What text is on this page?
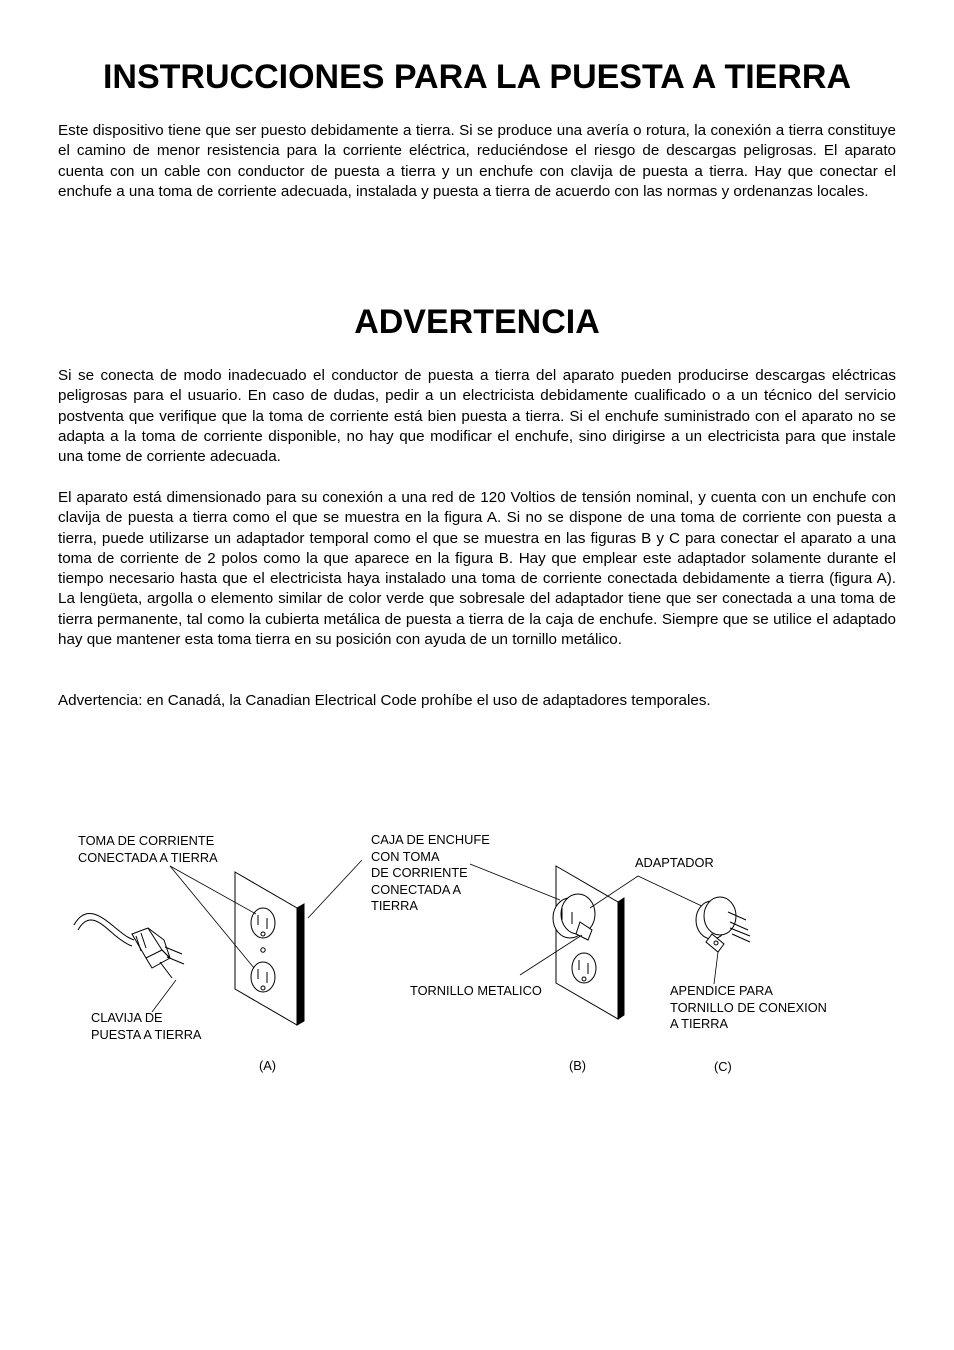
INSTRUCCIONES PARA LA PUESTA A TIERRA

Este dispositivo tiene que ser puesto debidamente a tierra. Si se produce una avería o rotura, la conexión a tierra constituye el camino de menor resistencia para la corriente eléctrica, reduciéndose el riesgo de descargas peligrosas. El aparato cuenta con un cable con conductor de puesta a tierra y un enchufe con clavija de puesta a tierra. Hay que conectar el enchufe a una toma de corriente adecuada, instalada y puesta a tierra de acuerdo con las normas y ordenanzas locales.

ADVERTENCIA

Si se conecta de modo inadecuado el conductor de puesta a tierra del aparato pueden producirse descargas eléctricas peligrosas para el usuario. En caso de dudas, pedir a un electricista debidamente cualificado o a un técnico del servicio postventa que verifique que la toma de corriente está bien puesta a tierra. Si el enchufe suministrado con el aparato no se adapta a la toma de corriente disponible, no hay que modificar el enchufe, sino dirigirse a un electricista para que instale una tome de corriente adecuada.

El aparato está dimensionado para su conexión a una red de 120 Voltios de tensión nominal, y cuenta con un enchufe con clavija de puesta a tierra como el que se muestra en la figura A. Si no se dispone de una toma de corriente con puesta a tierra, puede utilizarse un adaptador temporal como el que se muestra en las figuras B y C para conectar el aparato a una toma de corriente de 2 polos como la que aparece en la figura B. Hay que emplear este adaptador solamente durante el tiempo necesario hasta que el electricista haya instalado una toma de corriente conectada debidamente a tierra (figura A). La lengüeta, argolla o elemento similar de color verde que sobresale del adaptador tiene que ser conectada a una toma de tierra permanente, tal como la cubierta metálica de puesta a tierra de la caja de enchufe. Siempre que se utilice el adaptado hay que mantener esta toma tierra en su posición con ayuda de un tornillo metálico.

Advertencia: en Canadá, la Canadian Electrical Code prohíbe el uso de adaptadores temporales.

TOMA DE CORRIENTE
CONECTADA A TIERRA
CLAVIJA DE
PUESTA A TIERRA
CAJA DE ENCHUFE
CON TOMA
DE CORRIENTE
CONECTADA A
TIERRA
TORNILLO METALICO
ADAPTADOR
APENDICE PARA
TORNILLO DE CONEXION
A TIERRA
(A)	(B)	(C)
